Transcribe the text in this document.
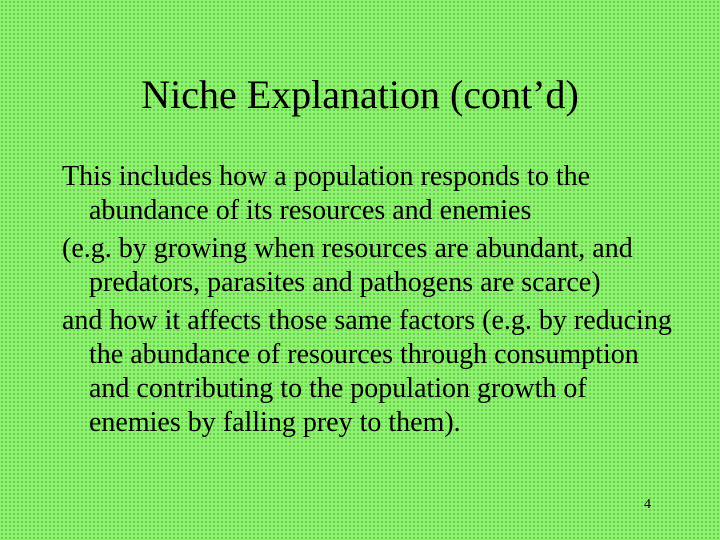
Niche Explanation (cont’d)

This includes how a population responds to the abundance of its resources and enemies

(e.g. by growing when resources are abundant, and predators, parasites and pathogens are scarce)

and how it affects those same factors (e.g. by reducing the abundance of resources through consumption and contributing to the population growth of enemies by falling prey to them).

4
